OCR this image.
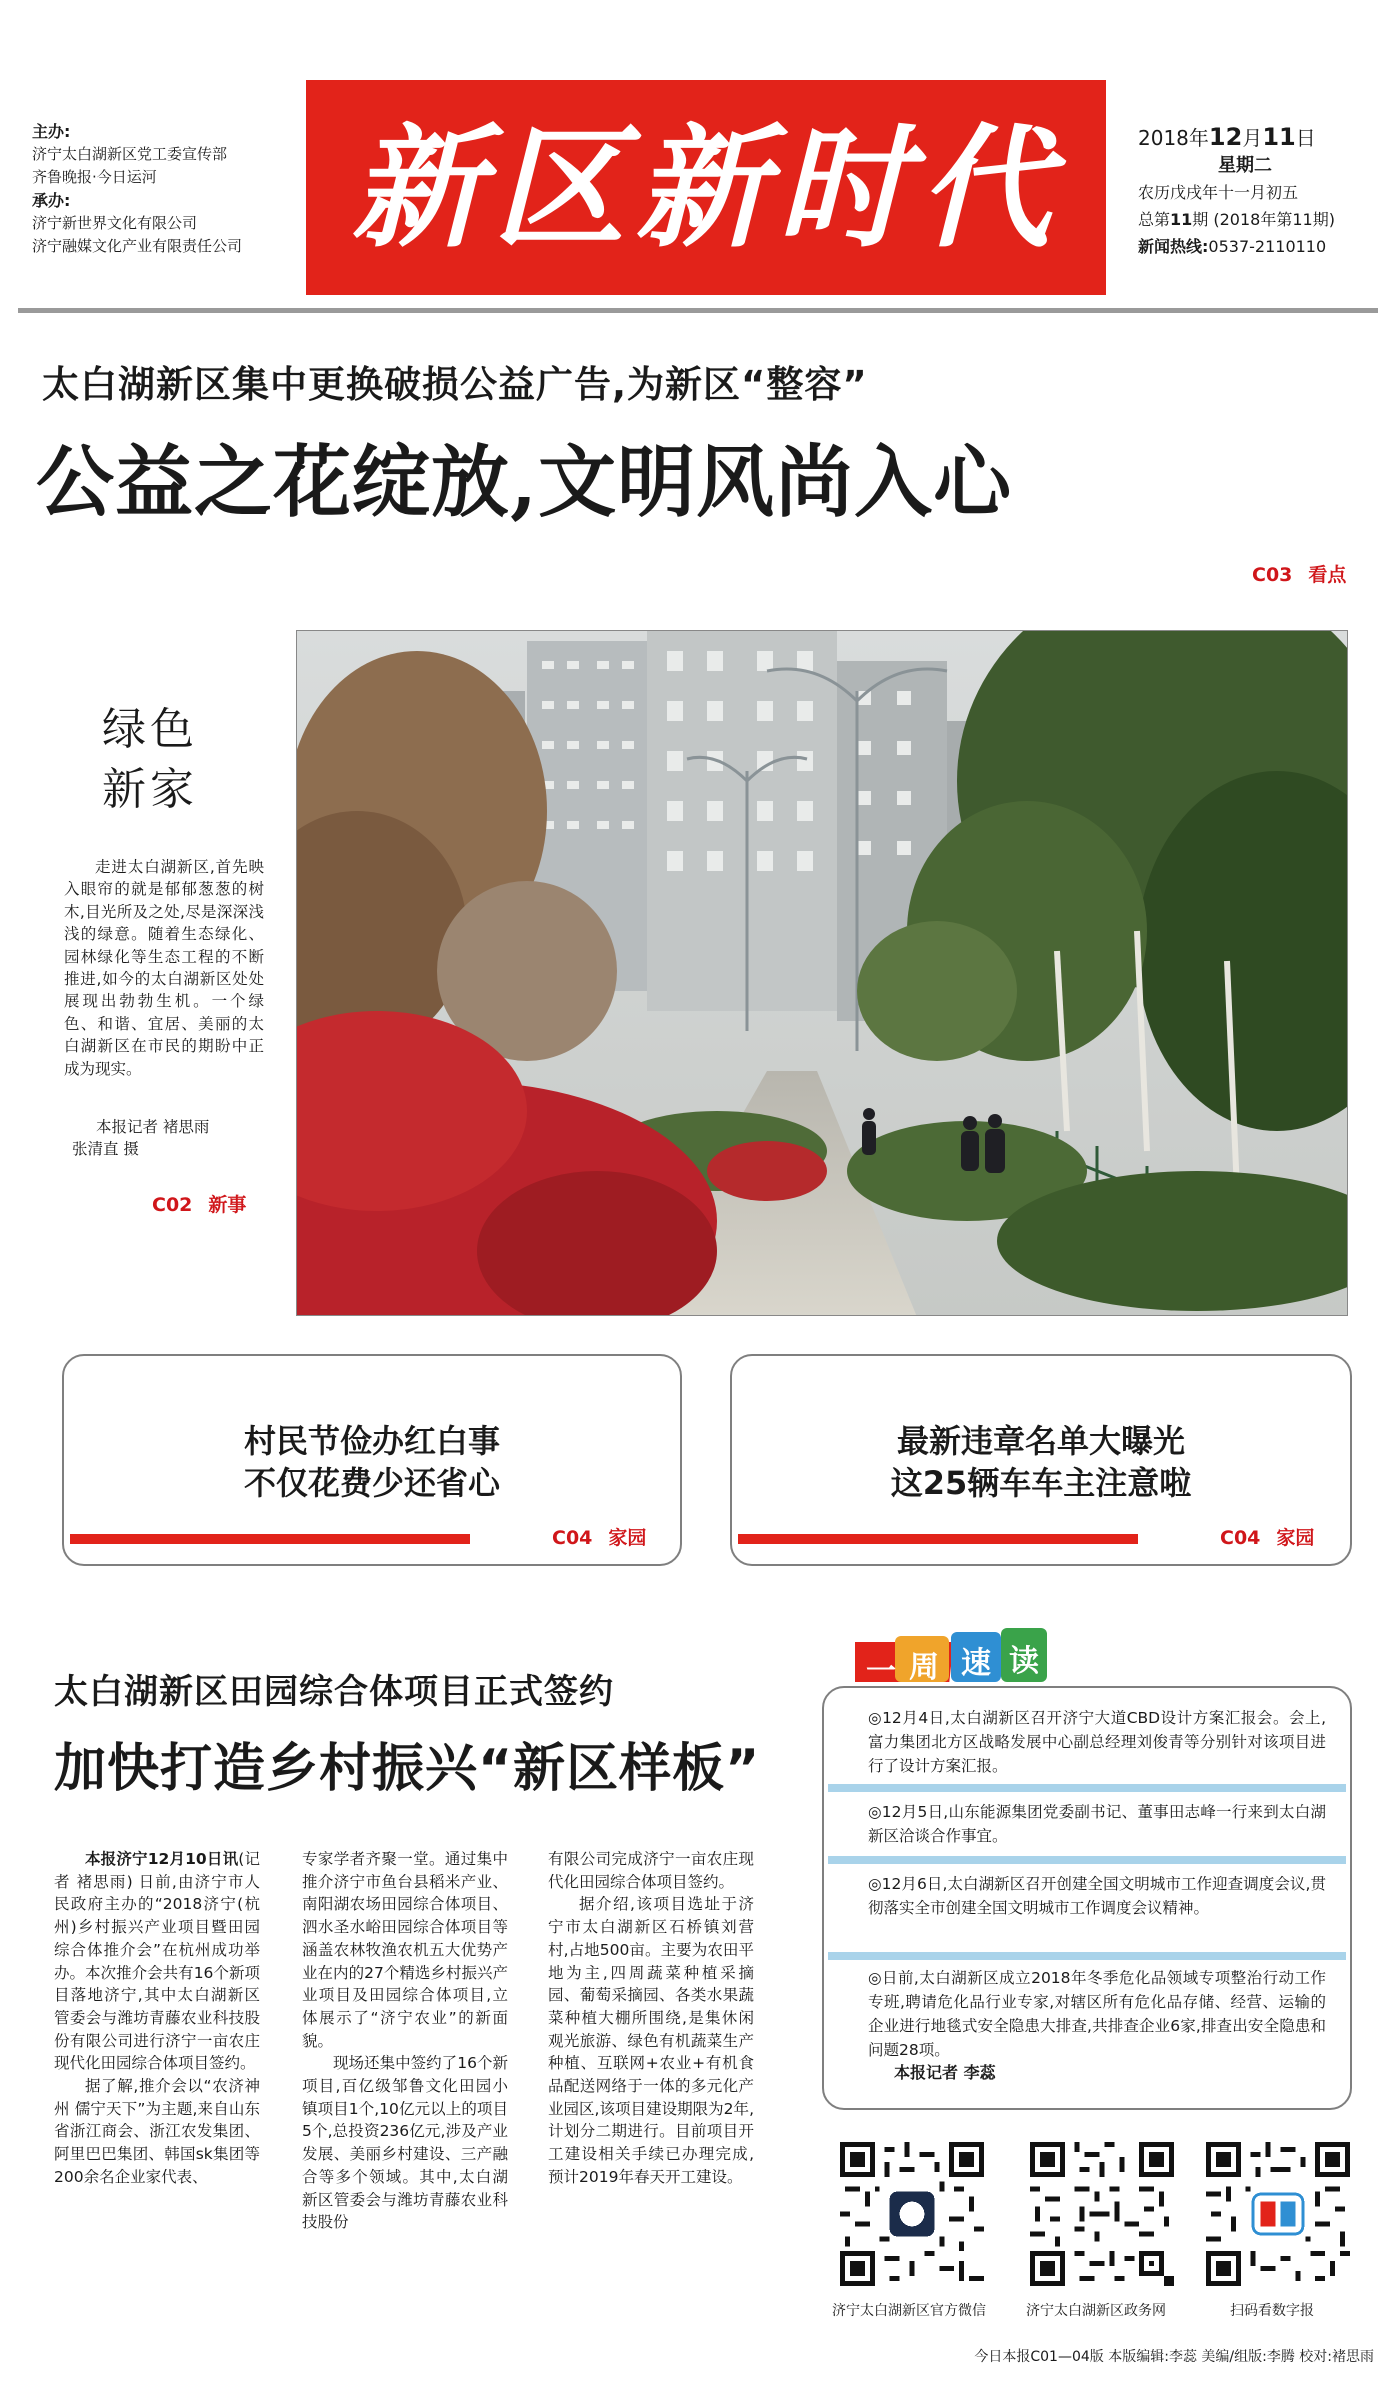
主办:
济宁太白湖新区党工委宣传部
齐鲁晚报·今日运河
承办:
济宁新世界文化有限公司
济宁融媒文化产业有限责任公司 新区新时代	2018年12月11日
星期二
农历戊戌年十一月初五
总第11期 (2018年第11期)
新闻热线:0537-2110110
太白湖新区集中更换破损公益广告,为新区“整容”
公益之花绽放,文明风尚入心
C03 看点
绿色
新家
走进太白湖新区,首先映入眼帘的就是郁郁葱葱的树木,目光所及之处,尽是深深浅浅的绿意。随着生态绿化、园林绿化等生态工程的不断推进,如今的太白湖新区处处展现出勃勃生机。一个绿色、和谐、宜居、美丽的太白湖新区在市民的期盼中正成为现实。
本报记者 褚思雨
张清直 摄
C02 新事
村民节俭办红白事
不仅花费少还省心
C04 家园
最新违章名单大曝光
这25辆车车主注意啦
C04 家园
太白湖新区田园综合体项目正式签约
加快打造乡村振兴“新区样板”

本报济宁12月10日讯(记者 褚思雨) 日前,由济宁市人民政府主办的“2018济宁(杭州)乡村振兴产业项目暨田园综合体推介会”在杭州成功举办。本次推介会共有16个新项目落地济宁,其中太白湖新区管委会与潍坊青藤农业科技股份有限公司进行济宁一亩农庄现代化田园综合体项目签约。

据了解,推介会以“农济神州 儒宁天下”为主题,来自山东省浙江商会、浙江农发集团、阿里巴巴集团、韩国sk集团等200余名企业家代表、

专家学者齐聚一堂。通过集中推介济宁市鱼台县稻米产业、南阳湖农场田园综合体项目、泗水圣水峪田园综合体项目等涵盖农林牧渔农机五大优势产业在内的27个精选乡村振兴产业项目及田园综合体项目,立体展示了“济宁农业”的新面貌。

现场还集中签约了16个新项目,百亿级邹鲁文化田园小镇项目1个,10亿元以上的项目5个,总投资236亿元,涉及产业发展、美丽乡村建设、三产融合等多个领域。其中,太白湖新区管委会与潍坊青藤农业科技股份

有限公司完成济宁一亩农庄现代化田园综合体项目签约。

据介绍,该项目选址于济宁市太白湖新区石桥镇刘营村,占地500亩。主要为农田平地为主,四周蔬菜种植采摘园、葡萄采摘园、各类水果蔬菜种植大棚所围绕,是集休闲观光旅游、绿色有机蔬菜生产种植、互联网+农业+有机食品配送网络于一体的多元化产业园区,该项目建设期限为2年,计划分二期进行。目前项目开工建设相关手续已办理完成,预计2019年春天开工建设。

一 周 速 读
◎12月4日,太白湖新区召开济宁大道CBD设计方案汇报会。会上,富力集团北方区战略发展中心副总经理刘俊青等分别针对该项目进行了设计方案汇报。
◎12月5日,山东能源集团党委副书记、董事田志峰一行来到太白湖新区洽谈合作事宜。
◎12月6日,太白湖新区召开创建全国文明城市工作迎查调度会议,贯彻落实全市创建全国文明城市工作调度会议精神。
◎日前,太白湖新区成立2018年冬季危化品领域专项整治行动工作专班,聘请危化品行业专家,对辖区所有危化品存储、经营、运输的企业进行地毯式安全隐患大排查,共排查企业6家,排查出安全隐患和问题28项。
本报记者 李蕊
济宁太白湖新区官方微信	济宁太白湖新区政务网	扫码看数字报
今日本报C01—04版 本版编辑:李蕊 美编/组版:李腾 校对:褚思雨
